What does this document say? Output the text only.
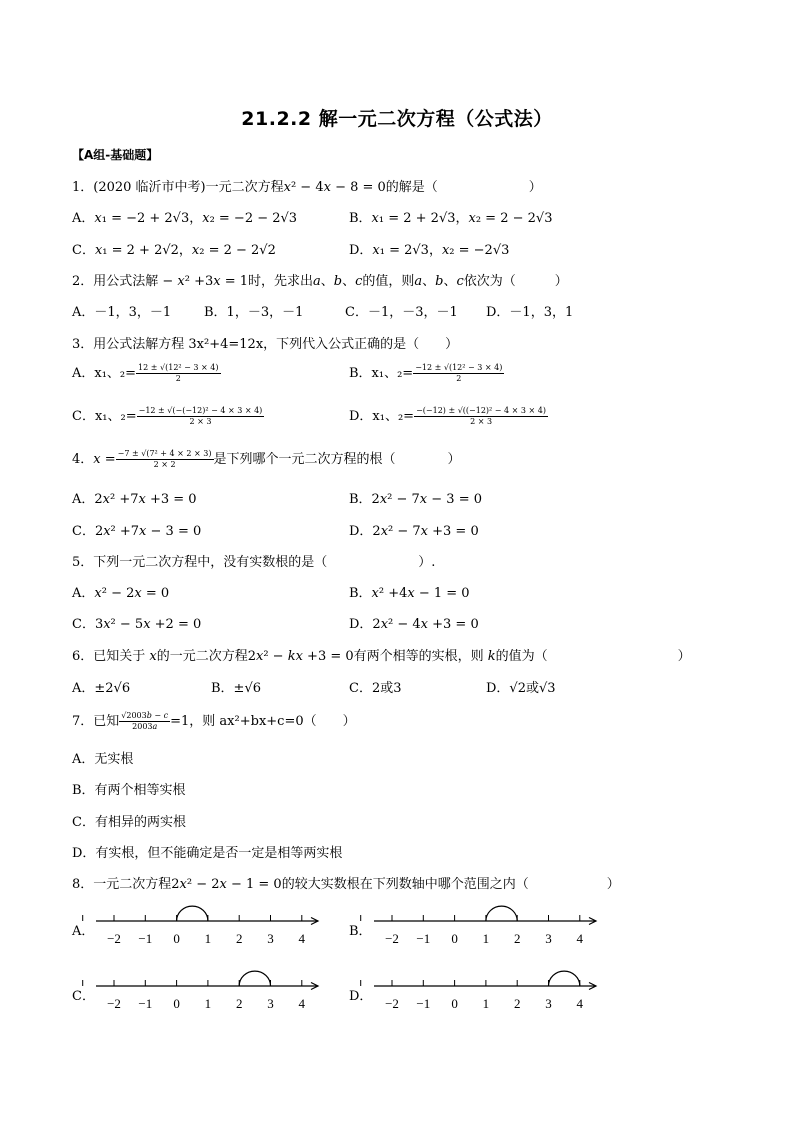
21.2.2 解一元二次方程（公式法）
【A组-基础题】
1．(2020 临沂市中考)一元二次方程𝑥² − 4𝑥 − 8 = 0的解是（　　　　　　　）
A．𝑥₁ = −2 + 2√3，𝑥₂ = −2 − 2√3	B．𝑥₁ = 2 + 2√3，𝑥₂ = 2 − 2√3
C．𝑥₁ = 2 + 2√2，𝑥₂ = 2 − 2√2	D．𝑥₁ = 2√3，𝑥₂ = −2√3
2．用公式法解 − 𝑥² +3𝑥 = 1时，先求出𝑎、𝑏、𝑐的值，则𝑎、𝑏、𝑐依次为（　　　）
A．－1，3，－1	B．1，－3，－1	C．－1，－3，－1 D．－1，3，1
3．用公式法解方程 3x²+4=12x，下列代入公式正确的是（　　）
A．x₁、$_2= \frac{\text{12 ± √(12² − 3 × 4)}}{2}$	B．x₁、$_2= \frac{\text{−12 ± √(12² − 3 × 4)}}{2}$
C．x₁、$_2= \frac{\text{−12 ± √(−(−12)² − 4 × 3 × 4)}}{2 \times 3}$	D．x₁、$_2= \frac{\text{−(−12) ± √((−12)² − 4 × 3 × 4)}}{2 \times 3}$
4．𝑥 = $\frac{\text{−7 ± √(7² + 4 × 2 × 3)}}{2 \times 2}$ 是下列哪个一元二次方程的根（　　　　）
A．2𝑥² +7𝑥 +3 = 0	B．2𝑥² − 7𝑥 − 3 = 0
C．2𝑥² +7𝑥 − 3 = 0	D．2𝑥² − 7𝑥 +3 = 0
5．下列一元二次方程中，没有实数根的是（　　　　　　　）.
A．𝑥² − 2𝑥 = 0	B．𝑥² +4𝑥 − 1 = 0
C．3𝑥² − 5𝑥 +2 = 0	D．2𝑥² − 4𝑥 +3 = 0
6．已知关于 𝑥的一元二次方程2𝑥² − 𝑘𝑥 +3 = 0有两个相等的实根，则 𝑘的值为（　　　　　　　　　　）
A．±2√6	B．±√6	C．2或3	D．√2或√3
7．已知 $\frac{\text{√2003𝑏 − 𝑐}}{\text{2003𝑎}} =1$，则 ax²+bx+c=0（　　）
A．无实根
B．有两个相等实根
C．有相异的两实根
D．有实根，但不能确定是否一定是相等两实根
8．一元二次方程2𝑥² − 2𝑥 − 1 = 0的较大实数根在下列数轴中哪个范围之内（　　　　　　）
A．	B．
C．	D．
−2 −1 0 1 2 3 4	−2 −1 0 1 2 3 4
−2 −1 0 1 2 3 4	−2 −1 0 1 2 3 4
